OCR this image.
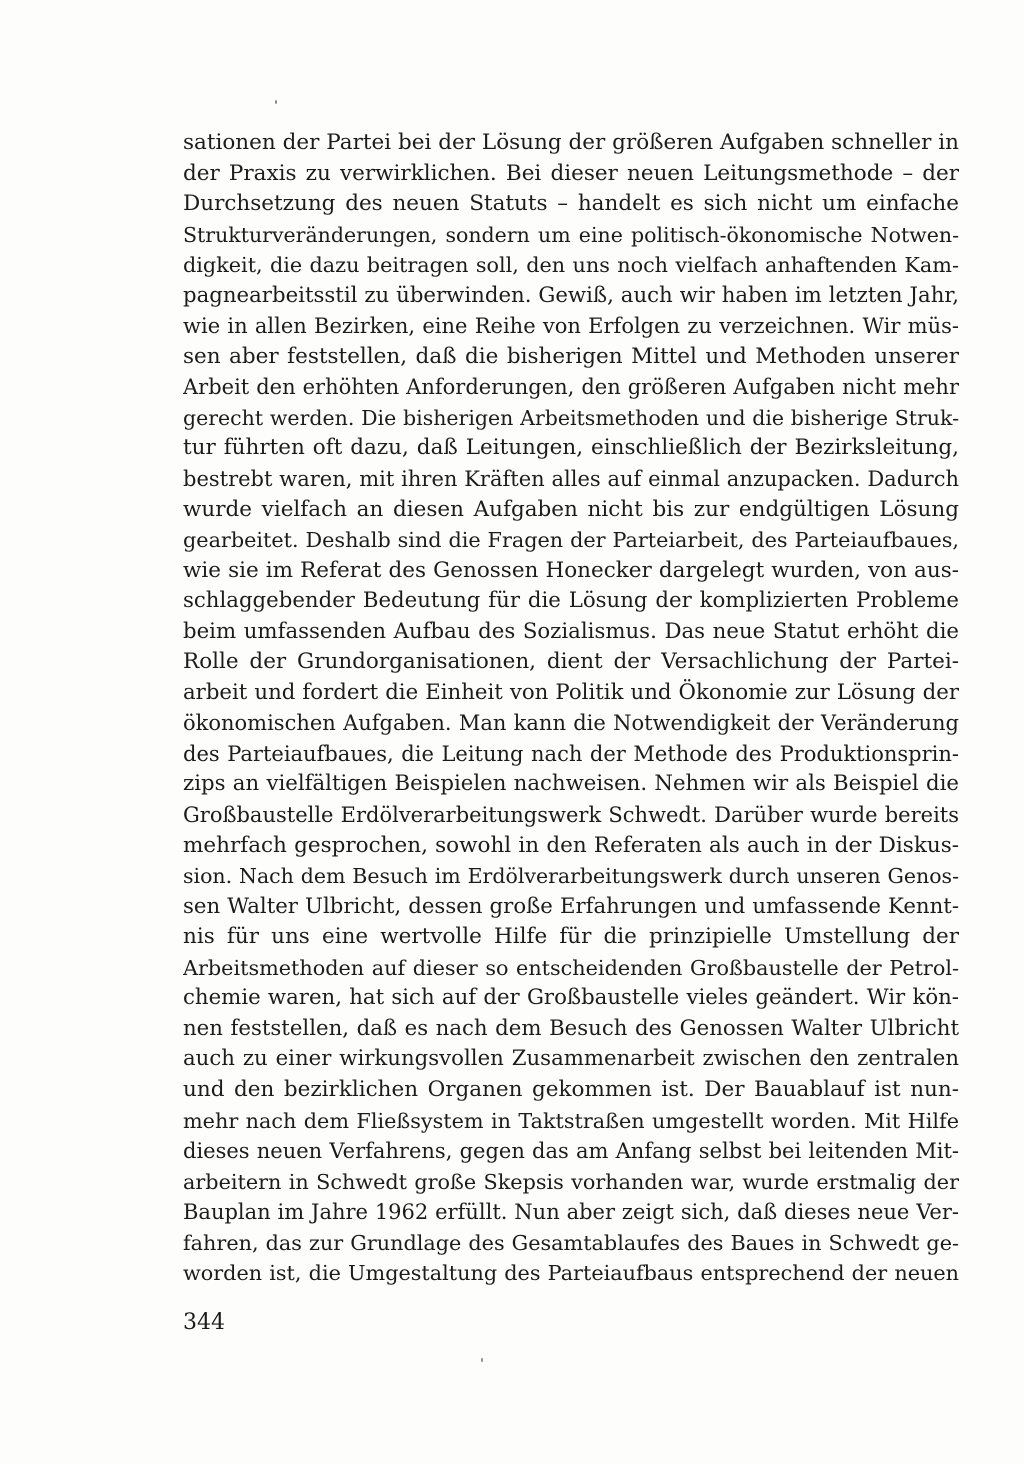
sationen der Partei bei der Lösung der größeren Aufgaben schneller in
der Praxis zu verwirklichen. Bei dieser neuen Leitungsmethode – der
Durchsetzung des neuen Statuts – handelt es sich nicht um einfache
Strukturveränderungen, sondern um eine politisch-ökonomische Notwen-
digkeit, die dazu beitragen soll, den uns noch vielfach anhaftenden Kam-
pagnearbeitsstil zu überwinden. Gewiß, auch wir haben im letzten Jahr,
wie in allen Bezirken, eine Reihe von Erfolgen zu verzeichnen. Wir müs-
sen aber feststellen, daß die bisherigen Mittel und Methoden unserer
Arbeit den erhöhten Anforderungen, den größeren Aufgaben nicht mehr
gerecht werden. Die bisherigen Arbeitsmethoden und die bisherige Struk-
tur führten oft dazu, daß Leitungen, einschließlich der Bezirksleitung,
bestrebt waren, mit ihren Kräften alles auf einmal anzupacken. Dadurch
wurde vielfach an diesen Aufgaben nicht bis zur endgültigen Lösung
gearbeitet. Deshalb sind die Fragen der Parteiarbeit, des Parteiaufbaues,
wie sie im Referat des Genossen Honecker dargelegt wurden, von aus-
schlaggebender Bedeutung für die Lösung der komplizierten Probleme
beim umfassenden Aufbau des Sozialismus. Das neue Statut erhöht die
Rolle der Grundorganisationen, dient der Versachlichung der Partei-
arbeit und fordert die Einheit von Politik und Ökonomie zur Lösung der
ökonomischen Aufgaben. Man kann die Notwendigkeit der Veränderung
des Parteiaufbaues, die Leitung nach der Methode des Produktionsprin-
zips an vielfältigen Beispielen nachweisen. Nehmen wir als Beispiel die
Großbaustelle Erdölverarbeitungswerk Schwedt. Darüber wurde bereits
mehrfach gesprochen, sowohl in den Referaten als auch in der Diskus-
sion. Nach dem Besuch im Erdölverarbeitungswerk durch unseren Genos-
sen Walter Ulbricht, dessen große Erfahrungen und umfassende Kennt-
nis für uns eine wertvolle Hilfe für die prinzipielle Umstellung der
Arbeitsmethoden auf dieser so entscheidenden Großbaustelle der Petrol-
chemie waren, hat sich auf der Großbaustelle vieles geändert. Wir kön-
nen feststellen, daß es nach dem Besuch des Genossen Walter Ulbricht
auch zu einer wirkungsvollen Zusammenarbeit zwischen den zentralen
und den bezirklichen Organen gekommen ist. Der Bauablauf ist nun-
mehr nach dem Fließsystem in Taktstraßen umgestellt worden. Mit Hilfe
dieses neuen Verfahrens, gegen das am Anfang selbst bei leitenden Mit-
arbeitern in Schwedt große Skepsis vorhanden war, wurde erstmalig der
Bauplan im Jahre 1962 erfüllt. Nun aber zeigt sich, daß dieses neue Ver-
fahren, das zur Grundlage des Gesamtablaufes des Baues in Schwedt ge-
worden ist, die Umgestaltung des Parteiaufbaus entsprechend der neuen

344
